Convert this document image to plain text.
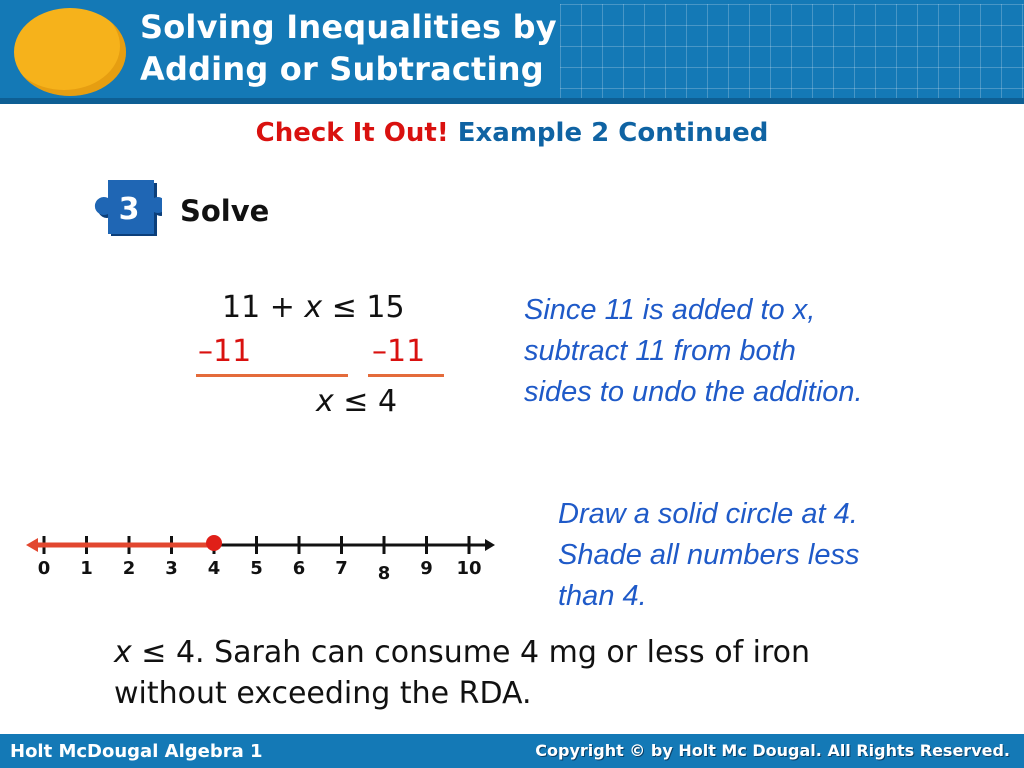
Solving Inequalities by
Adding or Subtracting
Check It Out! Example 2 Continued
3 Solve
11 + x ≤ 15
–11	–11
x ≤ 4
Since 11 is added to x,
subtract 11 from both
sides to undo the addition.
Draw a solid circle at 4.
Shade all numbers less
than 4.
0 1 2 3 4 5 6 7 8 9 10
x ≤ 4. Sarah can consume 4 mg or less of iron
without exceeding the RDA.
Holt McDougal Algebra 1	Copyright © by Holt Mc Dougal. All Rights Reserved.
